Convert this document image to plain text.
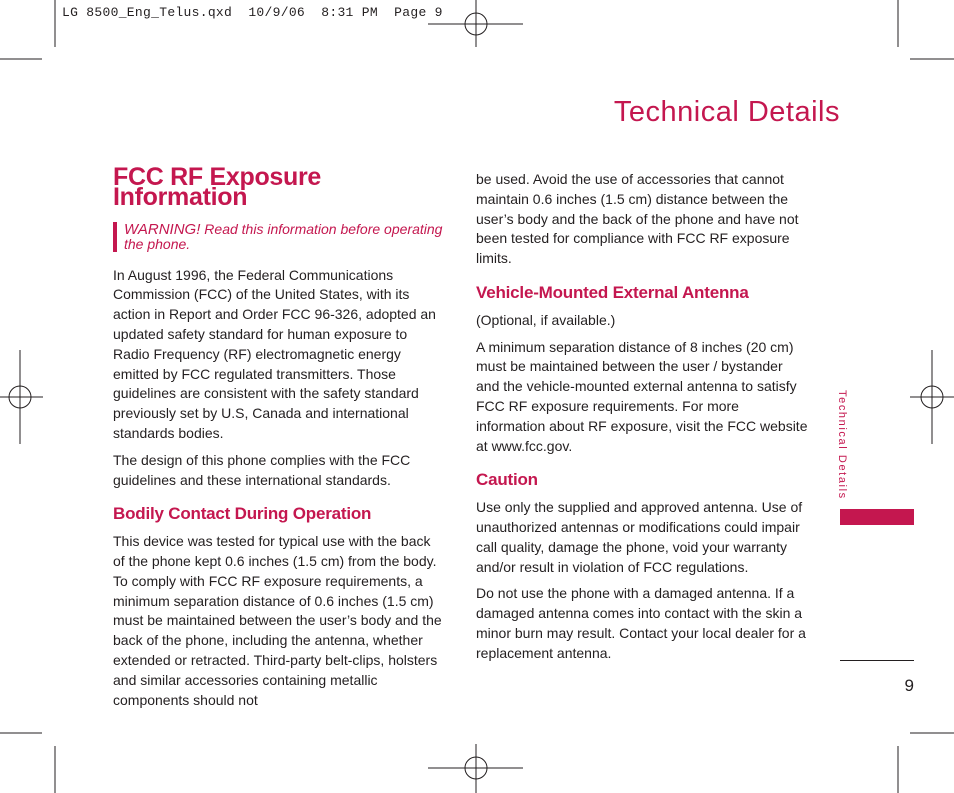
LG 8500_Eng_Telus.qxd  10/9/06  8:31 PM  Page 9
Technical Details
FCC RF Exposure Information
WARNING! Read this information before operating the phone.

In August 1996, the Federal Communications Commission (FCC) of the United States, with its action in Report and Order FCC 96-326, adopted an updated safety standard for human exposure to Radio Frequency (RF) electromagnetic energy emitted by FCC regulated transmitters. Those guidelines are consistent with the safety standard previously set by U.S, Canada and international standards bodies.

The design of this phone complies with the FCC guidelines and these international standards.

Bodily Contact During Operation

This device was tested for typical use with the back of the phone kept 0.6 inches (1.5 cm) from the body. To comply with FCC RF exposure requirements, a minimum separation distance of 0.6 inches (1.5 cm) must be maintained between the user’s body and the back of the phone, including the antenna, whether extended or retracted. Third-party belt-clips, holsters and similar accessories containing metallic components should not

be used. Avoid the use of accessories that cannot maintain 0.6 inches (1.5 cm) distance between the user’s body and the back of the phone and have not been tested for compliance with FCC RF exposure limits.

Vehicle-Mounted External Antenna

(Optional, if available.)

A minimum separation distance of 8 inches (20 cm) must be maintained between the user / bystander and the vehicle-mounted external antenna to satisfy FCC RF exposure requirements. For more information about RF exposure, visit the FCC website at www.fcc.gov.

Caution

Use only the supplied and approved antenna. Use of unauthorized antennas or modifications could impair call quality, damage the phone, void your warranty and/or result in violation of FCC regulations.

Do not use the phone with a damaged antenna. If a damaged antenna comes into contact with the skin a minor burn may result. Contact your local dealer for a replacement antenna.

Technical Details
9
